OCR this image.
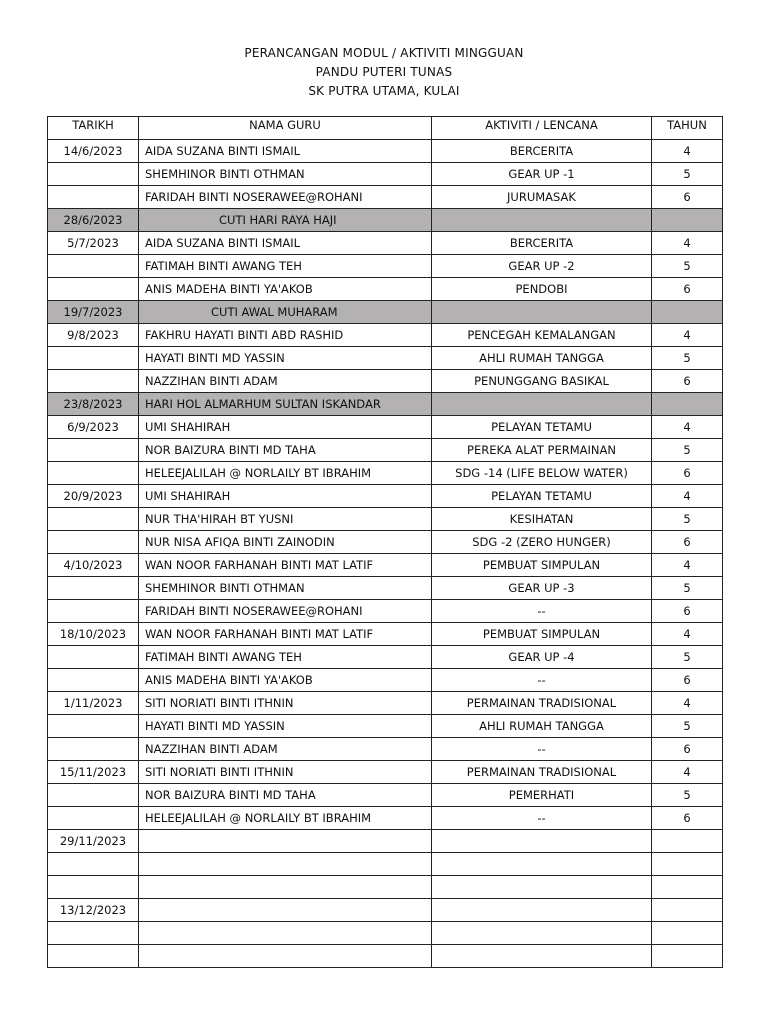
PERANCANGAN MODUL / AKTIVITI MINGGUAN
PANDU PUTERI TUNAS
SK PUTRA UTAMA, KULAI
TARIKH	NAMA GURU	AKTIVITI / LENCANA	TAHUN
14/6/2023	AIDA SUZANA BINTI ISMAIL	BERCERITA	4
	SHEMHINOR BINTI OTHMAN	GEAR UP -1	5
	FARIDAH BINTI NOSERAWEE@ROHANI	JURUMASAK	6
28/6/2023	CUTI HARI RAYA HAJI		
5/7/2023	AIDA SUZANA BINTI ISMAIL	BERCERITA	4
	FATIMAH BINTI AWANG TEH	GEAR UP -2	5
	ANIS MADEHA BINTI YA'AKOB	PENDOBI	6
19/7/2023	CUTI AWAL MUHARAM		
9/8/2023	FAKHRU HAYATI BINTI ABD RASHID	PENCEGAH KEMALANGAN	4
	HAYATI BINTI MD YASSIN	AHLI RUMAH TANGGA	5
	NAZZIHAN BINTI ADAM	PENUNGGANG BASIKAL	6
23/8/2023	HARI HOL ALMARHUM SULTAN ISKANDAR		
6/9/2023	UMI SHAHIRAH	PELAYAN TETAMU	4
	NOR BAIZURA BINTI MD TAHA	PEREKA ALAT PERMAINAN	5
	HELEEJALILAH @ NORLAILY BT IBRAHIM	SDG -14 (LIFE BELOW WATER)	6
20/9/2023	UMI SHAHIRAH	PELAYAN TETAMU	4
	NUR THA'HIRAH BT YUSNI	KESIHATAN	5
	NUR NISA AFIQA BINTI ZAINODIN	SDG -2 (ZERO HUNGER)	6
4/10/2023	WAN NOOR FARHANAH BINTI MAT LATIF	PEMBUAT SIMPULAN	4
	SHEMHINOR BINTI OTHMAN	GEAR UP -3	5
	FARIDAH BINTI NOSERAWEE@ROHANI	--	6
18/10/2023	WAN NOOR FARHANAH BINTI MAT LATIF	PEMBUAT SIMPULAN	4
	FATIMAH BINTI AWANG TEH	GEAR UP -4	5
	ANIS MADEHA BINTI YA'AKOB	--	6
1/11/2023	SITI NORIATI BINTI ITHNIN	PERMAINAN TRADISIONAL	4
	HAYATI BINTI MD YASSIN	AHLI RUMAH TANGGA	5
	NAZZIHAN BINTI ADAM	--	6
15/11/2023	SITI NORIATI BINTI ITHNIN	PERMAINAN TRADISIONAL	4
	NOR BAIZURA BINTI MD TAHA	PEMERHATI	5
	HELEEJALILAH @ NORLAILY BT IBRAHIM	--	6
29/11/2023			

13/12/2023			
